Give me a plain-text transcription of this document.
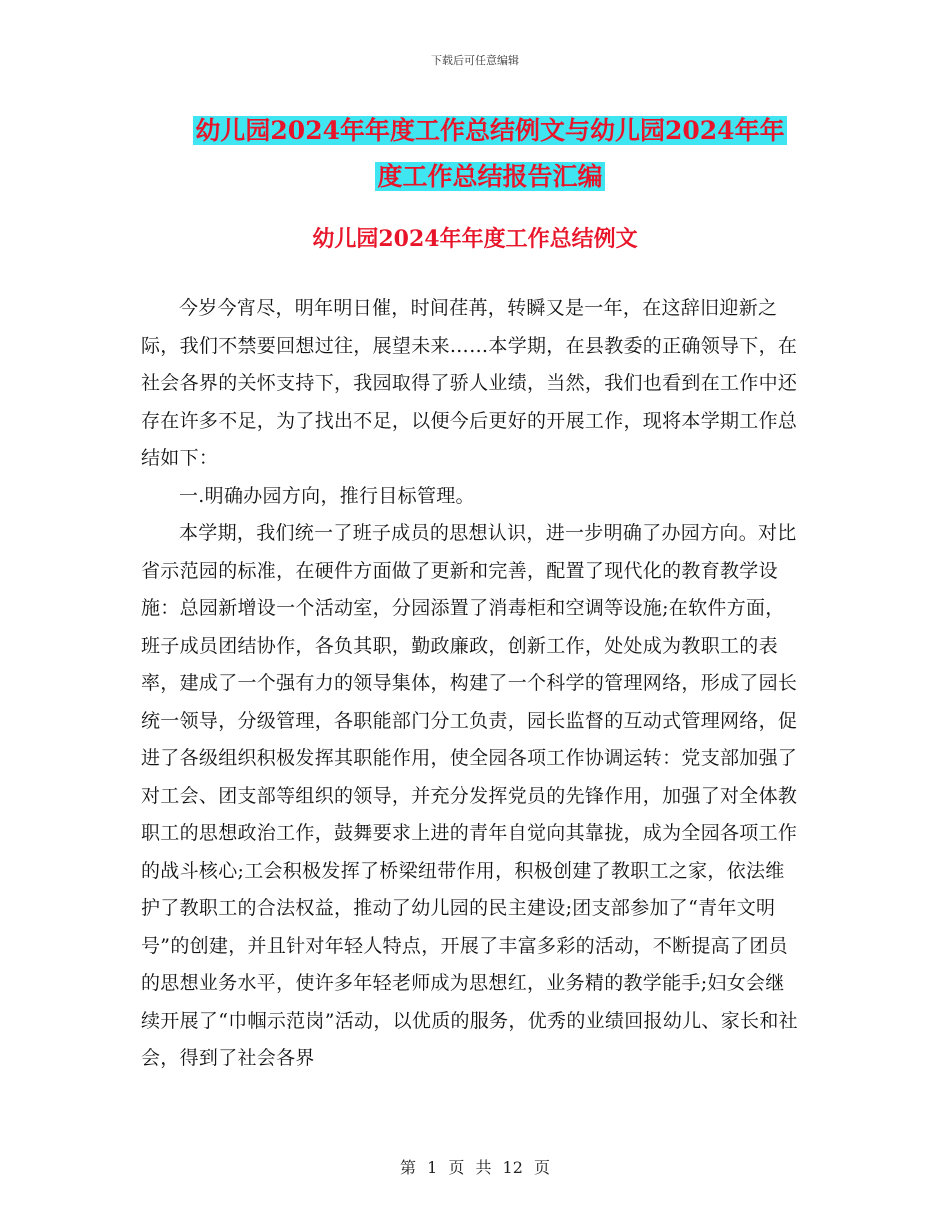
下载后可任意编辑
幼儿园2024年年度工作总结例文与幼儿园2024年年
度工作总结报告汇编
幼儿园2024年年度工作总结例文

今岁今宵尽，明年明日催，时间荏苒，转瞬又是一年，在这辞旧迎新之际，我们不禁要回想过往，展望未来……本学期，在县教委的正确领导下，在社会各界的关怀支持下，我园取得了骄人业绩，当然，我们也看到在工作中还存在许多不足，为了找出不足，以便今后更好的开展工作，现将本学期工作总结如下：

一.明确办园方向，推行目标管理。

本学期，我们统一了班子成员的思想认识，进一步明确了办园方向。对比省示范园的标准，在硬件方面做了更新和完善，配置了现代化的教育教学设施：总园新增设一个活动室，分园添置了消毒柜和空调等设施;在软件方面，班子成员团结协作，各负其职，勤政廉政，创新工作，处处成为教职工的表率，建成了一个强有力的领导集体，构建了一个科学的管理网络，形成了园长统一领导，分级管理，各职能部门分工负责，园长监督的互动式管理网络，促进了各级组织积极发挥其职能作用，使全园各项工作协调运转：党支部加强了对工会、团支部等组织的领导，并充分发挥党员的先锋作用，加强了对全体教职工的思想政治工作，鼓舞要求上进的青年自觉向其靠拢，成为全园各项工作的战斗核心;工会积极发挥了桥梁纽带作用，积极创建了教职工之家，依法维护了教职工的合法权益，推动了幼儿园的民主建设;团支部参加了“青年文明号”的创建，并且针对年轻人特点，开展了丰富多彩的活动，不断提高了团员的思想业务水平，使许多年轻老师成为思想红，业务精的教学能手;妇女会继续开展了“巾帼示范岗”活动，以优质的服务，优秀的业绩回报幼儿、家长和社会，得到了社会各界

第 1 页 共 12 页
